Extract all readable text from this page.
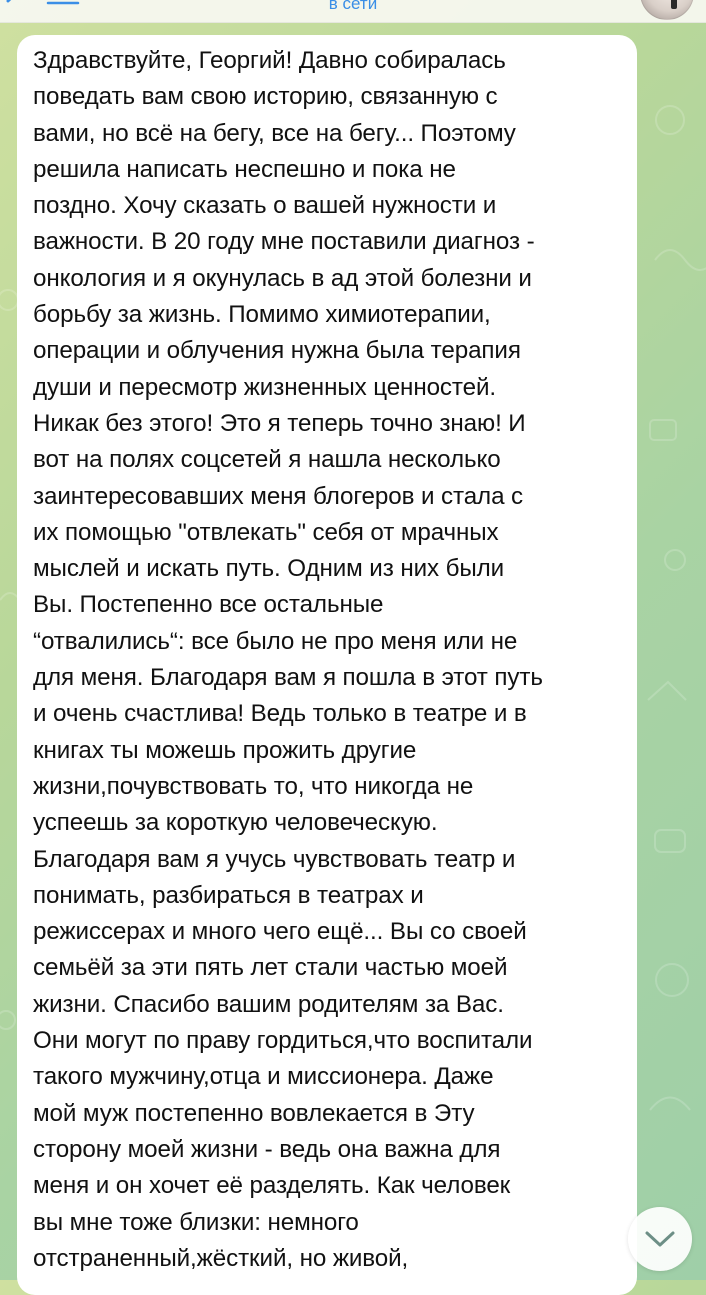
в сети

Здравствуйте, Георгий! Давно собиралась
поведать вам свою историю, связанную с
вами, но всё на бегу, все на бегу... Поэтому
решила написать неспешно и пока не
поздно. Хочу сказать о вашей нужности и
важности. В 20 году мне поставили диагноз -
онкология и я окунулась в ад этой болезни и
борьбу за жизнь. Помимо химиотерапии,
операции и облучения нужна была терапия
души и пересмотр жизненных ценностей.
Никак без этого! Это я теперь точно знаю! И
вот на полях соцсетей я нашла несколько
заинтересовавших меня блогеров и стала с
их помощью "отвлекать" себя от мрачных
мыслей и искать путь. Одним из них были
Вы. Постепенно все остальные
“отвалились“: все было не про меня или не
для меня. Благодаря вам я пошла в этот путь
и очень счастлива! Ведь только в театре и в
книгах ты можешь прожить другие
жизни,почувствовать то, что никогда не
успеешь за короткую человеческую.
Благодаря вам я учусь чувствовать театр и
понимать, разбираться в театрах и
режиссерах и много чего ещё... Вы со своей
семьёй за эти пять лет стали частью моей
жизни. Спасибо вашим родителям за Вас.
Они могут по праву гордиться,что воспитали
такого мужчину,отца и миссионера. Даже
мой муж постепенно вовлекается в Эту
сторону моей жизни - ведь она важна для
меня и он хочет её разделять. Как человек
вы мне тоже близки: немного
отстраненный,жёсткий, но живой,
